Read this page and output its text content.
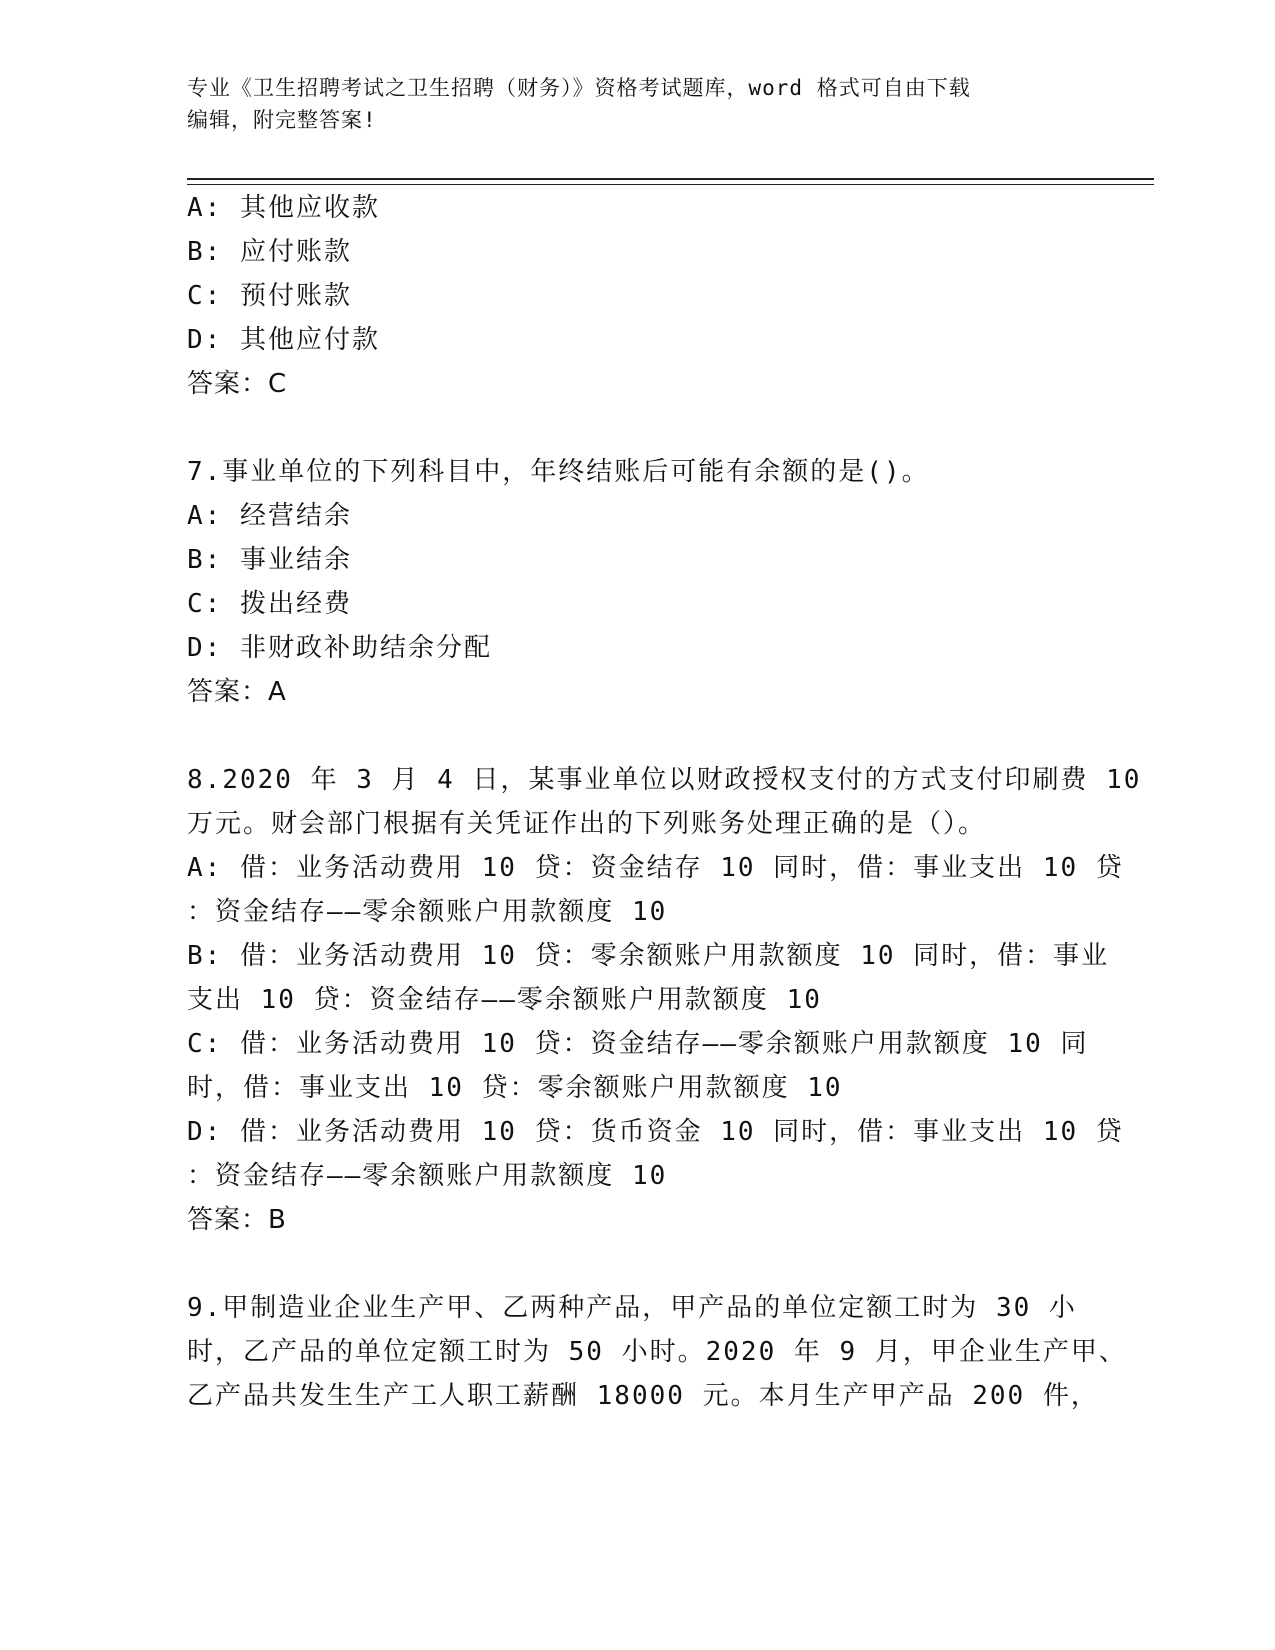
专业《卫生招聘考试之卫生招聘（财务）》资格考试题库，word 格式可自由下载
编辑，附完整答案!
A: 其他应收款
B: 应付账款
C: 预付账款
D: 其他应付款
答案：C
7.事业单位的下列科目中，年终结账后可能有余额的是()。
A: 经营结余
B: 事业结余
C: 拨出经费
D: 非财政补助结余分配
答案：A
8.2020 年 3 月 4 日，某事业单位以财政授权支付的方式支付印刷费 10
万元。财会部门根据有关凭证作出的下列账务处理正确的是（）。
A: 借：业务活动费用 10 贷：资金结存 10 同时，借：事业支出 10 贷
：资金结存——零余额账户用款额度 10
B: 借：业务活动费用 10 贷：零余额账户用款额度 10 同时，借：事业
支出 10 贷：资金结存——零余额账户用款额度 10
C: 借：业务活动费用 10 贷：资金结存——零余额账户用款额度 10 同
时，借：事业支出 10 贷：零余额账户用款额度 10
D: 借：业务活动费用 10 贷：货币资金 10 同时，借：事业支出 10 贷
：资金结存——零余额账户用款额度 10
答案：B
9.甲制造业企业生产甲、乙两种产品，甲产品的单位定额工时为 30 小
时，乙产品的单位定额工时为 50 小时。2020 年 9 月，甲企业生产甲、
乙产品共发生生产工人职工薪酬 18000 元。本月生产甲产品 200 件，
